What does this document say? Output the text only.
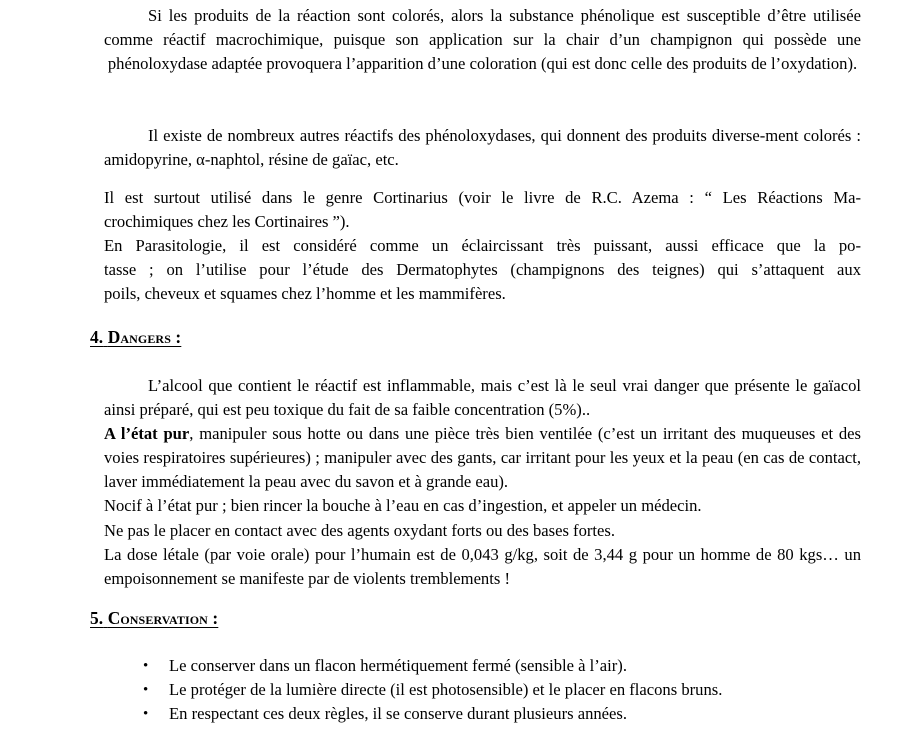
Si les produits de la réaction sont colorés, alors la substance phénolique est susceptible d’être utilisée comme réactif macrochimique, puisque son application sur la chair d’un champignon qui possède une phénoloxydase adaptée provoquera l’apparition d’une coloration (qui est donc celle des produits de l’oxydation).

Il existe de nombreux autres réactifs des phénoloxydases, qui donnent des produits diverse-ment colorés : amidopyrine, α-naphtol, résine de gaïac, etc.

Il est surtout utilisé dans le genre Cortinarius (voir le livre de R.C. Azema : “ Les Réactions Ma-
crochimiques chez les Cortinaires ”).
En Parasitologie, il est considéré comme un éclaircissant très puissant, aussi efficace que la po-
tasse ; on l’utilise pour l’étude des Dermatophytes (champignons des teignes) qui s’attaquent aux
poils, cheveux et squames chez l’homme et les mammifères.
4. Dangers :

L’alcool que contient le réactif est inflammable, mais c’est là le seul vrai danger que présente le gaïacol ainsi préparé, qui est peu toxique du fait de sa faible concentration (5%)..

A l’état pur, manipuler sous hotte ou dans une pièce très bien ventilée (c’est un irritant des muqueuses et des voies respiratoires supérieures) ; manipuler avec des gants, car irritant pour les yeux et la peau (en cas de contact, laver immédiatement la peau avec du savon et à grande eau).

Nocif à l’état pur ; bien rincer la bouche à l’eau en cas d’ingestion, et appeler un médecin.

Ne pas le placer en contact avec des agents oxydant forts ou des bases fortes.

La dose létale (par voie orale) pour l’humain est de 0,043 g/kg, soit de 3,44 g pour un homme de 80 kgs… un empoisonnement se manifeste par de violents tremblements !

5. Conservation :
• Le conserver dans un flacon hermétiquement fermé (sensible à l’air).
• Le protéger de la lumière directe (il est photosensible) et le placer en flacons bruns.
• En respectant ces deux règles, il se conserve durant plusieurs années.
